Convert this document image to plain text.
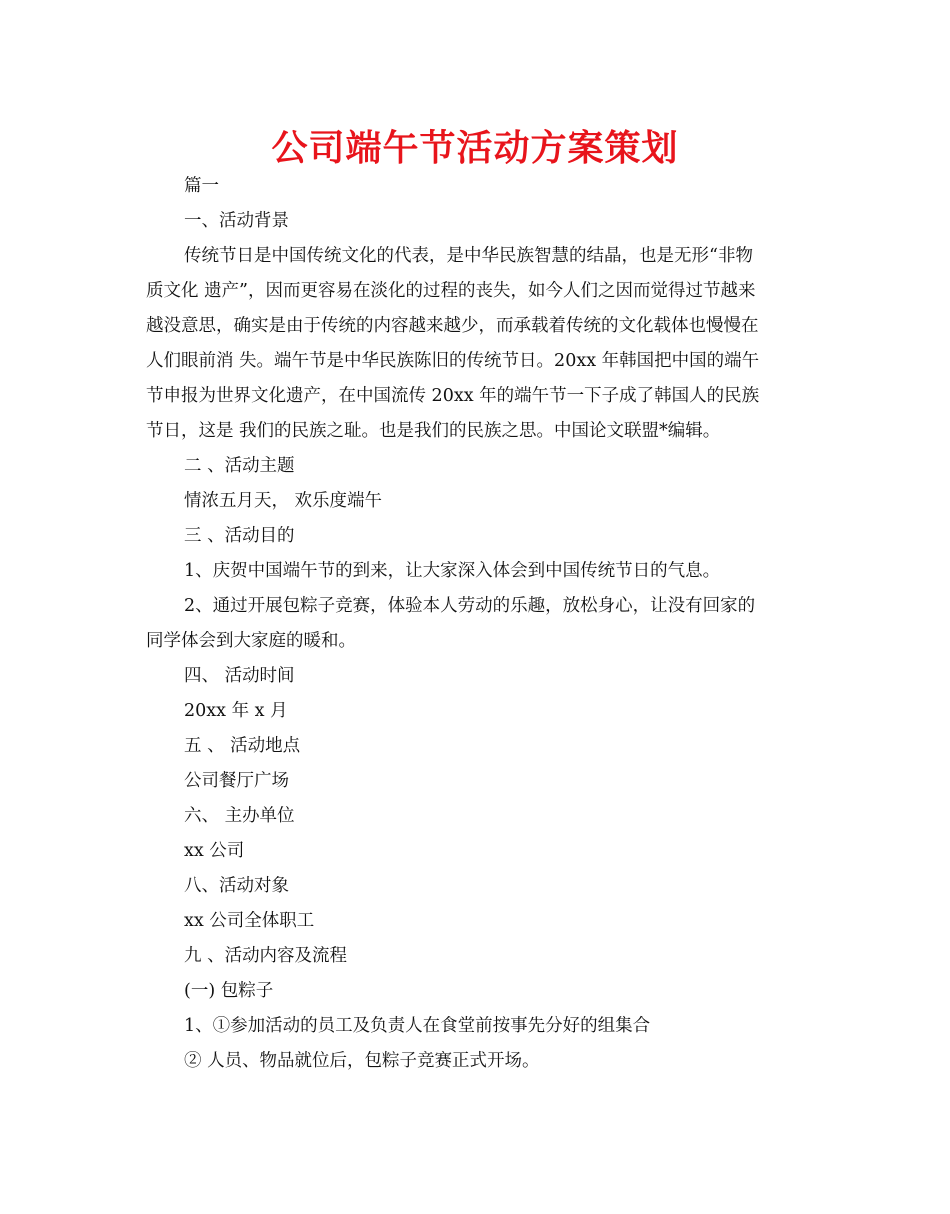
公司端午节活动方案策划
篇一
一、活动背景
传统节日是中国传统文化的代表，是中华民族智慧的结晶，也是无形“非物
质文化 遗产”，因而更容易在淡化的过程的丧失，如今人们之因而觉得过节越来
越没意思，确实是由于传统的内容越来越少，而承载着传统的文化载体也慢慢在
人们眼前消 失。端午节是中华民族陈旧的传统节日。20xx 年韩国把中国的端午
节申报为世界文化遗产，在中国流传 20xx 年的端午节一下子成了韩国人的民族
节日，这是 我们的民族之耻。也是我们的民族之思。中国论文联盟*编辑。
二 、活动主题
情浓五月天， 欢乐度端午
三 、活动目的
1、庆贺中国端午节的到来，让大家深入体会到中国传统节日的气息。
2、通过开展包粽子竞赛，体验本人劳动的乐趣，放松身心，让没有回家的
同学体会到大家庭的暖和。
四、 活动时间
20xx 年 x 月
五 、 活动地点
公司餐厅广场
六、 主办单位
xx 公司
八、活动对象
xx 公司全体职工
九 、活动内容及流程
(一) 包粽子
1、①参加活动的员工及负责人在食堂前按事先分好的组集合
② 人员、物品就位后，包粽子竞赛正式开场。
